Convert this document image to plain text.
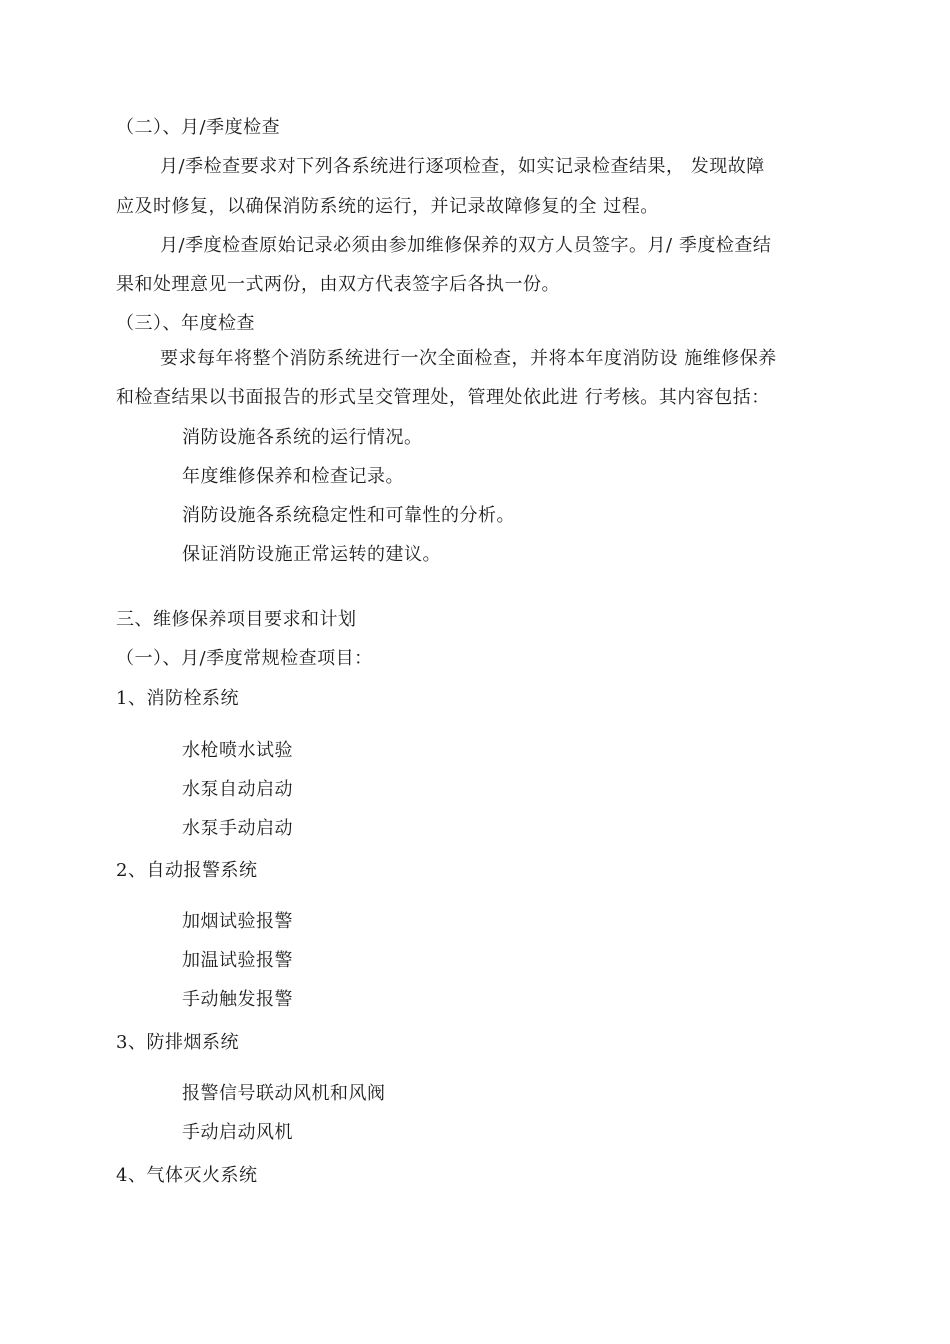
（二）、月/季度检查
月/季检查要求对下列各系统进行逐项检查，如实记录检查结果， 发现故障
应及时修复，以确保消防系统的运行，并记录故障修复的全 过程。
月/季度检查原始记录必须由参加维修保养的双方人员签字。月/ 季度检查结
果和处理意见一式两份，由双方代表签字后各执一份。
（三）、年度检查
要求每年将整个消防系统进行一次全面检查，并将本年度消防设 施维修保养
和检查结果以书面报告的形式呈交管理处，管理处依此进 行考核。其内容包括：
消防设施各系统的运行情况。
年度维修保养和检查记录。
消防设施各系统稳定性和可靠性的分析。
保证消防设施正常运转的建议。
三、维修保养项目要求和计划
（一）、月/季度常规检查项目：
1、消防栓系统
水枪喷水试验
水泵自动启动
水泵手动启动
2、自动报警系统
加烟试验报警
加温试验报警
手动触发报警
3、防排烟系统
报警信号联动风机和风阀
手动启动风机
4、气体灭火系统
